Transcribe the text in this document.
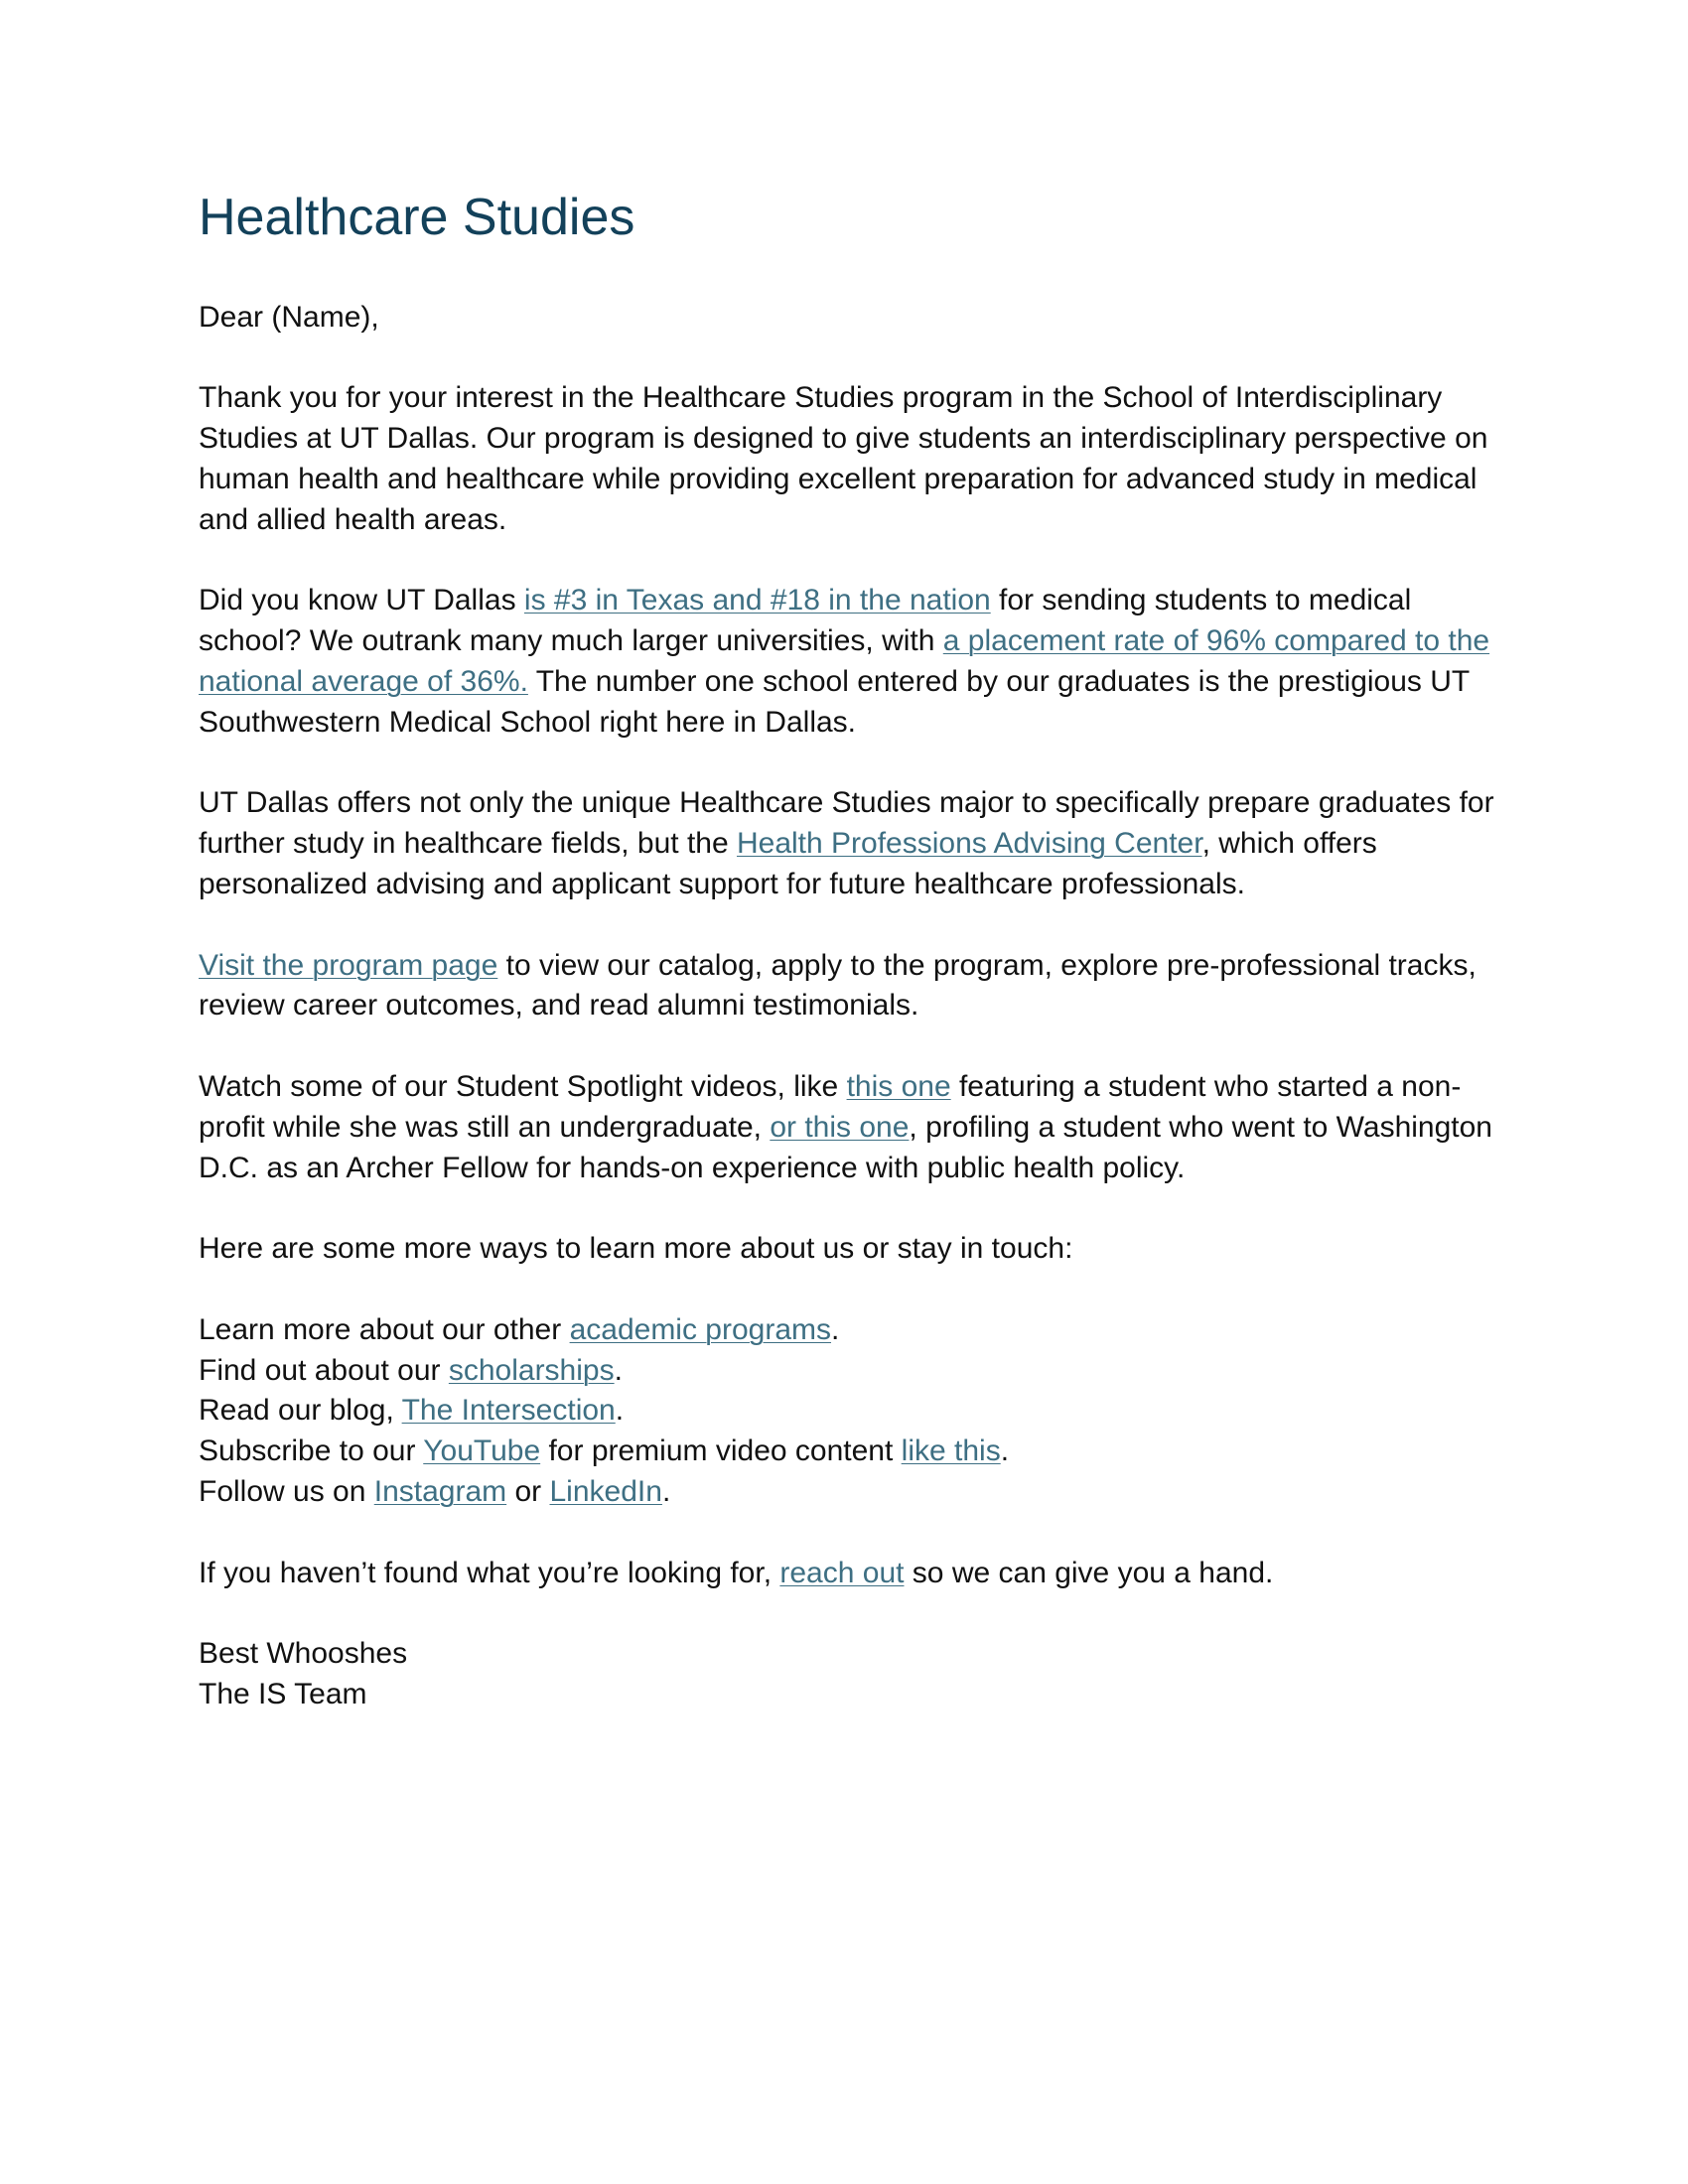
Healthcare Studies

Dear (Name),

Thank you for your interest in the Healthcare Studies program in the School of Interdisciplinary Studies at UT Dallas. Our program is designed to give students an interdisciplinary perspective on human health and healthcare while providing excellent preparation for advanced study in medical and allied health areas.

Did you know UT Dallas is #3 in Texas and #18 in the nation for sending students to medical school? We outrank many much larger universities, with a placement rate of 96% compared to the national average of 36%. The number one school entered by our graduates is the prestigious UT Southwestern Medical School right here in Dallas.

UT Dallas offers not only the unique Healthcare Studies major to specifically prepare graduates for further study in healthcare fields, but the Health Professions Advising Center, which offers personalized advising and applicant support for future healthcare professionals.

Visit the program page to view our catalog, apply to the program, explore pre-professional tracks, review career outcomes, and read alumni testimonials.

Watch some of our Student Spotlight videos, like this one featuring a student who started a non-profit while she was still an undergraduate, or this one, profiling a student who went to Washington D.C. as an Archer Fellow for hands-on experience with public health policy.

Here are some more ways to learn more about us or stay in touch:

Learn more about our other academic programs.
Find out about our scholarships.
Read our blog, The Intersection.
Subscribe to our YouTube for premium video content like this.
Follow us on Instagram or LinkedIn.

If you haven’t found what you’re looking for, reach out so we can give you a hand.

Best Whooshes
The IS Team
